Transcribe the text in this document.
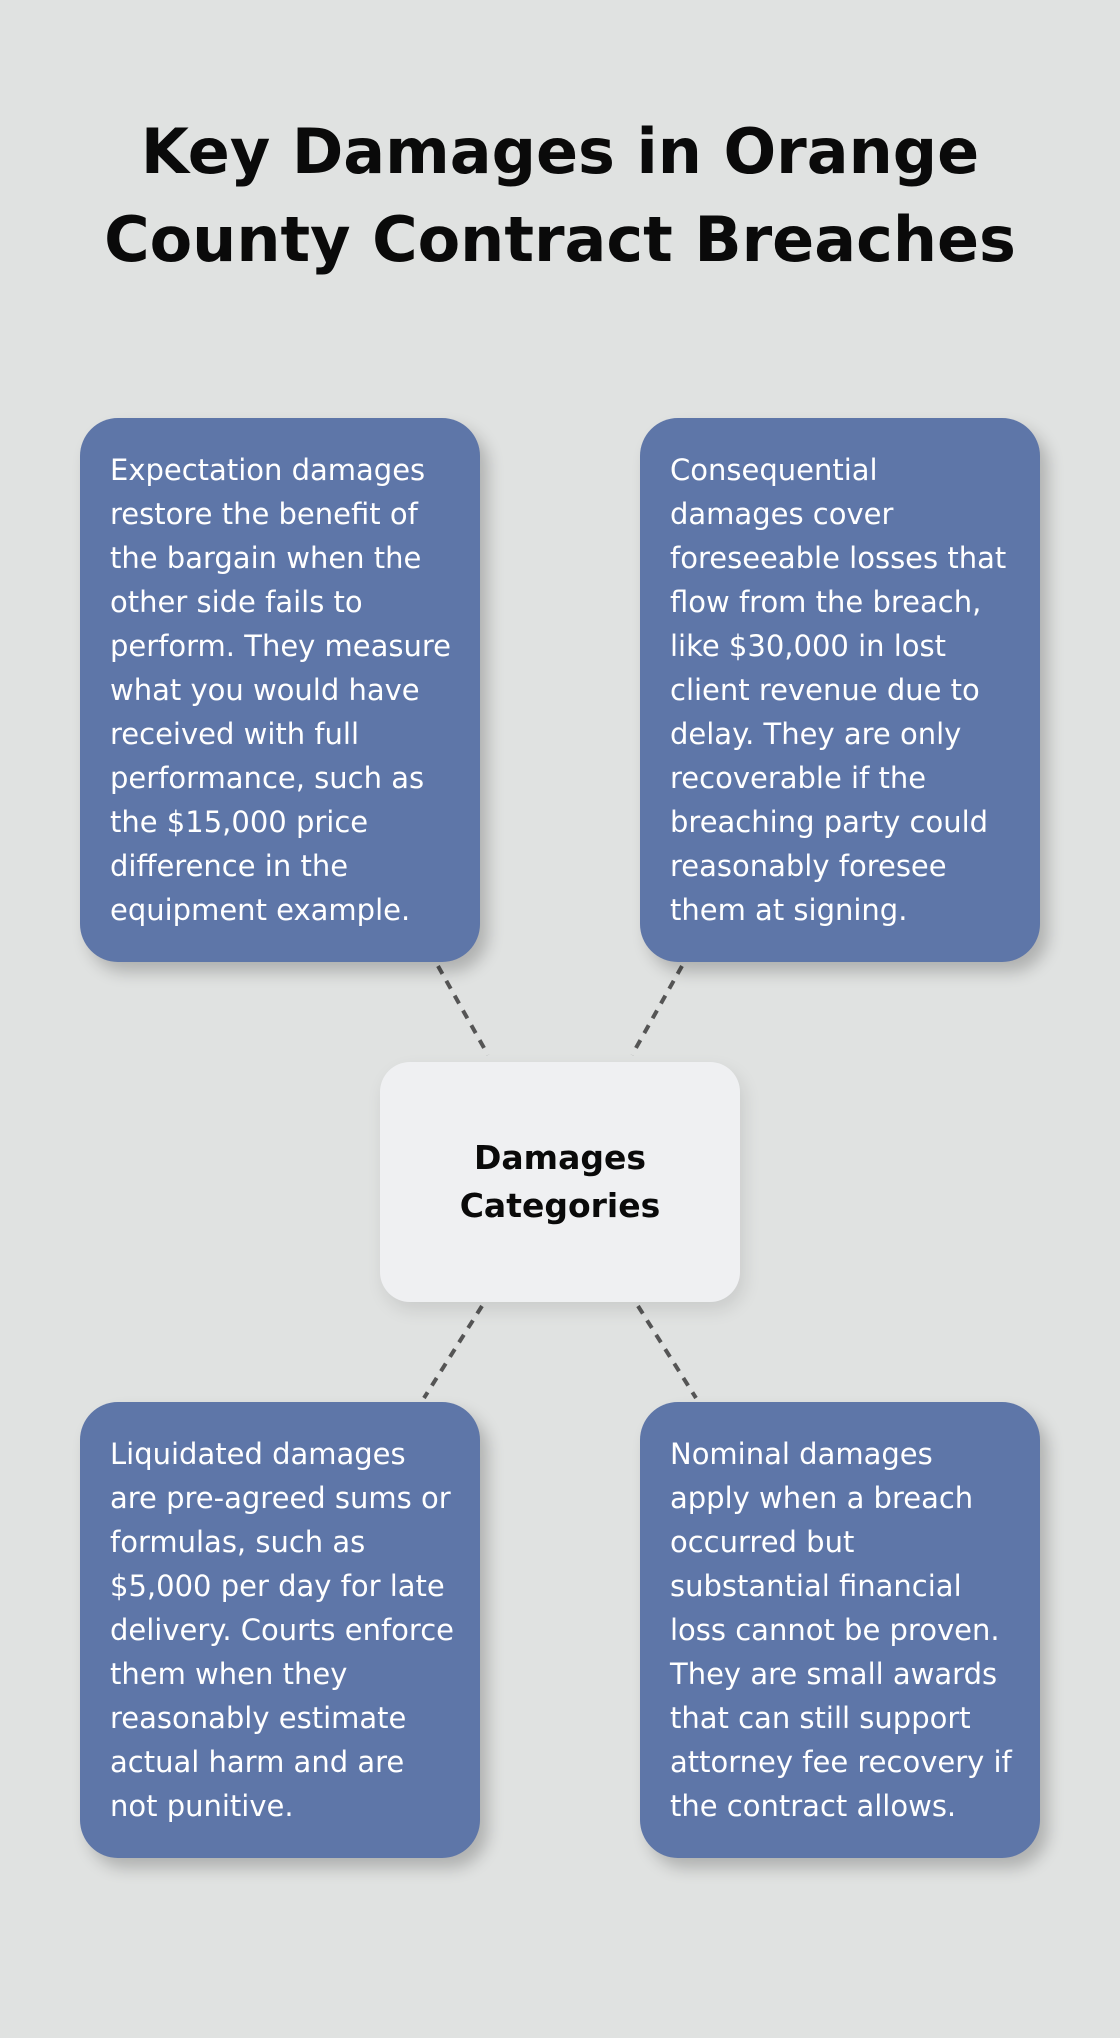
Key Damages in Orange County Contract Breaches
Expectation damages restore the benefit of the bargain when the other side fails to perform. They measure what you would have received with full performance, such as the $15,000 price difference in the equipment example.
Consequential damages cover foreseeable losses that flow from the breach, like $30,000 in lost client revenue due to delay. They are only recoverable if the breaching party could reasonably foresee them at signing.
Damages Categories
Liquidated damages are pre-agreed sums or formulas, such as $5,000 per day for late delivery. Courts enforce them when they reasonably estimate actual harm and are not punitive.
Nominal damages apply when a breach occurred but substantial financial loss cannot be proven. They are small awards that can still support attorney fee recovery if the contract allows.
